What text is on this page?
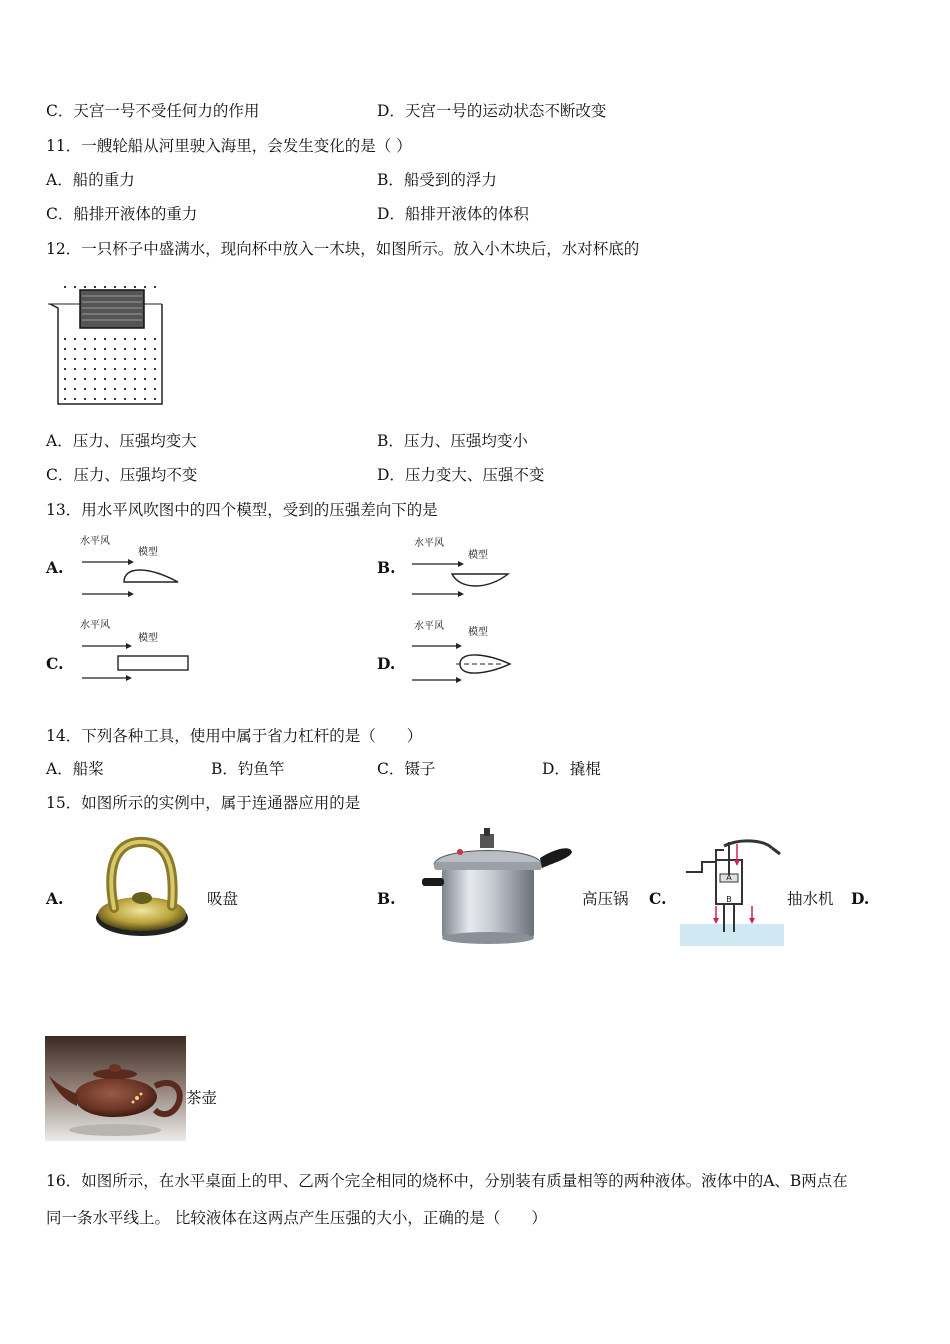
C．天宫一号不受任何力的作用	D．天宫一号的运动状态不断改变
11．一艘轮船从河里驶入海里，会发生变化的是（ ）
A．船的重力	B．船受到的浮力
C．船排开液体的重力	D．船排开液体的体积
12．一只杯子中盛满水，现向杯中放入一木块，如图所示。放入小木块后，水对杯底的
A．压力、压强均变大	B．压力、压强均变小
C．压力、压强均不变	D．压力变大、压强不变
13．用水平风吹图中的四个模型，受到的压强差向下的是
A.
水平风
模型
B.
水平风
模型
C.
水平风
模型
D.
水平风
模型
14．下列各种工具，使用中属于省力杠杆的是（　　）
A．船桨	B．钓鱼竿	C．镊子	D．撬棍
15．如图所示的实例中，属于连通器应用的是
A.	吸盘	B.	高压锅 C.
A
B	抽水机 D.
茶壶
16．如图所示，在水平桌面上的甲、乙两个完全相同的烧杯中，分别装有质量相等的两种液体。液体中的A、B两点在
同一条水平线上。 比较液体在这两点产生压强的大小，正确的是（　　）
